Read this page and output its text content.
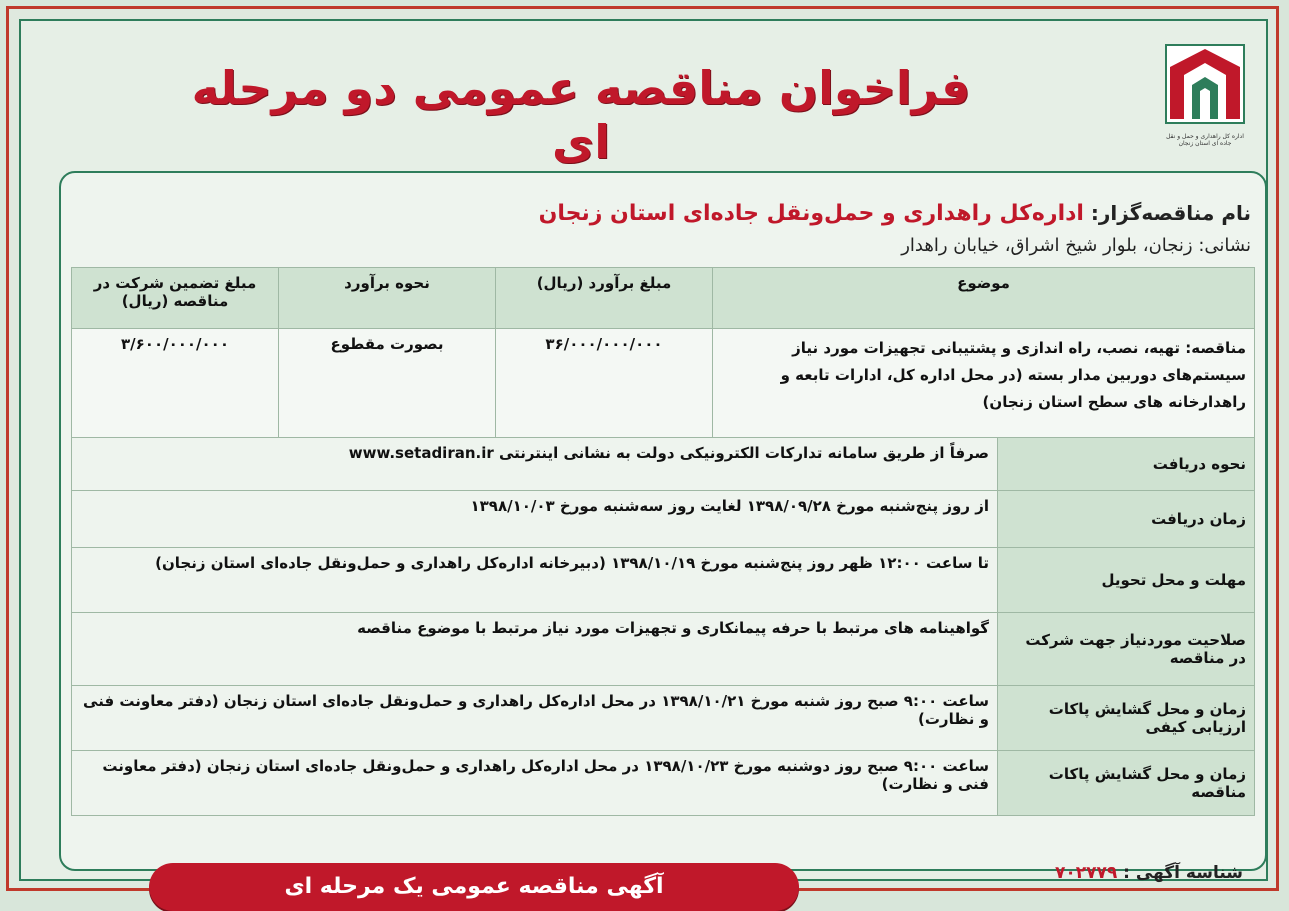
اداره کل راهداری و حمل و نقل جاده ای استان زنجان
فراخوان مناقصه عمومی دو مرحله ای
نام مناقصه‌گزار: اداره‌کل راهداری و حمل‌ونقل جاده‌ای استان زنجان
نشانی: زنجان، بلوار شیخ اشراق، خیابان راهدار
موضوع		مبلغ برآورد (ریال)	نحوه برآورد	مبلغ تضمین شرکت در مناقصه (ریال)
مناقصه: تهیه، نصب، راه اندازی و پشتیبانی تجهیزات مورد نیاز سیستم‌های دوربین مدار بسته (در محل اداره کل، ادارات تابعه و راهدارخانه های سطح استان زنجان)		۳۶/۰۰۰/۰۰۰/۰۰۰	بصورت مقطوع	۳/۶۰۰/۰۰۰/۰۰۰
نحوه دریافت	صرفاً از طریق سامانه تدارکات الکترونیکی دولت به نشانی اینترنتی www.setadiran.ir			
زمان دریافت	از روز پنج‌شنبه مورخ ۱۳۹۸/۰۹/۲۸ لغایت روز سه‌شنبه مورخ ۱۳۹۸/۱۰/۰۳			
مهلت و محل تحویل	تا ساعت ۱۲:۰۰ ظهر روز پنج‌شنبه مورخ ۱۳۹۸/۱۰/۱۹ (دبیرخانه اداره‌کل راهداری و حمل‌ونقل جاده‌ای استان زنجان)			
صلاحیت موردنیاز جهت شرکت در مناقصه	گواهینامه های مرتبط با حرفه پیمانکاری و تجهیزات مورد نیاز مرتبط با موضوع مناقصه			
زمان و محل گشایش پاکات ارزیابی کیفی	ساعت ۹:۰۰ صبح روز شنبه مورخ ۱۳۹۸/۱۰/۲۱ در محل اداره‌کل راهداری و حمل‌ونقل جاده‌ای استان زنجان (دفتر معاونت فنی و نظارت)			
زمان و محل گشایش پاکات مناقصه	ساعت ۹:۰۰ صبح روز دوشنبه مورخ ۱۳۹۸/۱۰/۲۳ در محل اداره‌کل راهداری و حمل‌ونقل جاده‌ای استان زنجان (دفتر معاونت فنی و نظارت)			
شناسه آگهی : ۷۰۲۷۷۹
آگهی مناقصه عمومی یک مرحله ای
